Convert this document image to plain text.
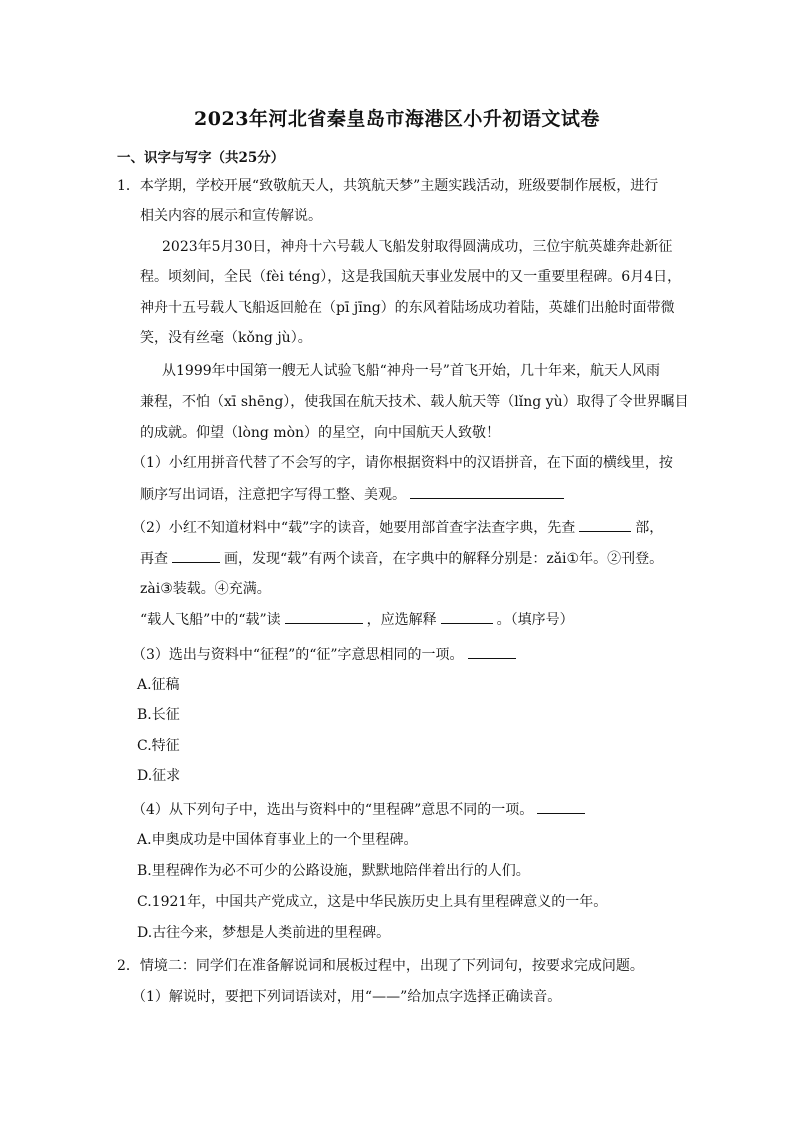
2023年河北省秦皇岛市海港区小升初语文试卷
一、识字与写字（共25分）
1．本学期，学校开展“致敬航天人，共筑航天梦”主题实践活动，班级要制作展板，进行
相关内容的展示和宣传解说。
2023年5月30日，神舟十六号载人飞船发射取得圆满成功，三位宇航英雄奔赴新征
程。顷刻间，全民（fèi téng），这是我国航天事业发展中的又一重要里程碑。6月4日，
神舟十五号载人飞船返回舱在（pī jīng）的东风着陆场成功着陆，英雄们出舱时面带微
笑，没有丝毫（kǒng jù）。
从1999年中国第一艘无人试验飞船“神舟一号”首飞开始，几十年来，航天人风雨
兼程，不怕（xī shēng），使我国在航天技术、载人航天等（lǐng yù）取得了令世界瞩目
的成就。仰望（lòng mòn）的星空，向中国航天人致敬！
（1）小红用拼音代替了不会写的字，请你根据资料中的汉语拼音，在下面的横线里，按
顺序写出词语，注意把字写得工整、美观。
（2）小红不知道材料中“载”字的读音，她要用部首查字法查字典，先查	部，
再查	画，发现“载”有两个读音，在字典中的解释分别是：zǎi①年。②刊登。
zài③装载。④充满。
“载人飞船”中的“载”读	，应选解释	。（填序号）
（3）选出与资料中“征程”的“征”字意思相同的一项。
A.征稿
B.长征
C.特征
D.征求
（4）从下列句子中，选出与资料中的“里程碑”意思不同的一项。
A.申奥成功是中国体育事业上的一个里程碑。
B.里程碑作为必不可少的公路设施，默默地陪伴着出行的人们。
C.1921年，中国共产党成立，这是中华民族历史上具有里程碑意义的一年。
D.古往今来，梦想是人类前进的里程碑。
2．情境二：同学们在准备解说词和展板过程中，出现了下列词句，按要求完成问题。
（1）解说时，要把下列词语读对，用“——”给加点字选择正确读音。
